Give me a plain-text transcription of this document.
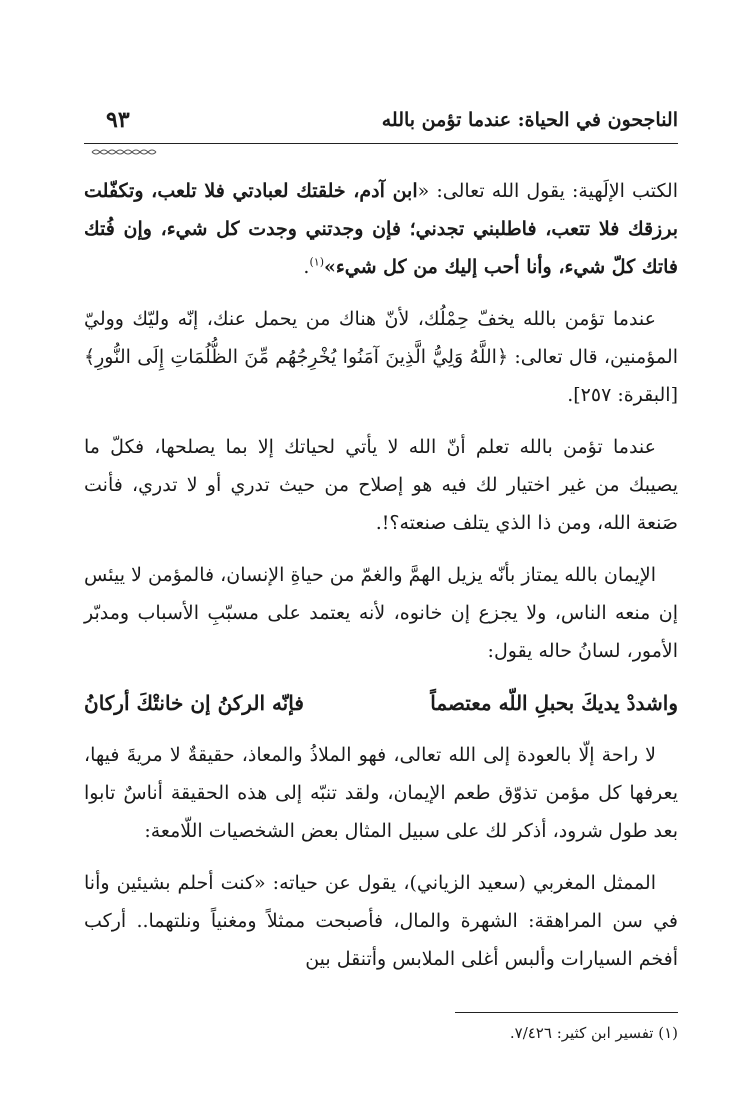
الناجحون في الحياة: عندما تؤمن بالله
٩٣

الكتب الإلَهية: يقول الله تعالى: «ابن آدم، خلقتك لعبادتي فلا تلعب، وتكفّلت برزقك فلا تتعب، فاطلبني تجدني؛ فإن وجدتني وجدت كل شيء، وإن فُتك فاتك كلّ شيء، وأنا أحب إليك من كل شيء»$^{(١)}$.

عندما تؤمن بالله يخفّ حِمْلُك، لأنّ هناك من يحمل عنك، إنّه وليّك ووليّ المؤمنين، قال تعالى: ﴿اللَّهُ وَلِيُّ الَّذِينَ آمَنُوا يُخْرِجُهُم مِّنَ الظُّلُمَاتِ إِلَى النُّورِ﴾ [البقرة: ٢٥٧].

عندما تؤمن بالله تعلم أنّ الله لا يأتي لحياتك إلا بما يصلحها، فكلّ ما يصيبك من غير اختيار لك فيه هو إصلاح من حيث تدري أو لا تدري، فأنت صَنعة الله، ومن ذا الذي يتلف صنعته؟!.

الإيمان بالله يمتاز بأنّه يزيل الهمَّ والغمّ من حياةِ الإنسان، فالمؤمن لا ييئس إن منعه الناس، ولا يجزع إن خانوه، لأنه يعتمد على مسبّبِ الأسباب ومدبّر الأمور، لسانُ حاله يقول:

واشددْ يديكَ بحبلِ اللّه معتصماً
فإنّه الركنُ إن خانتْكَ أركانُ

لا راحة إلّا بالعودة إلى الله تعالى، فهو الملاذُ والمعاذ، حقيقةٌ لا مريةَ فيها، يعرفها كل مؤمن تذوّق طعم الإيمان، ولقد تنبّه إلى هذه الحقيقة أناسٌ تابوا بعد طول شرود، أذكر لك على سبيل المثال بعض الشخصيات اللّامعة:

الممثل المغربي (سعيد الزياني)، يقول عن حياته: «كنت أحلم بشيئين وأنا في سن المراهقة: الشهرة والمال، فأصبحت ممثلاً ومغنياً ونلتهما.. أركب أفخم السيارات وألبس أغلى الملابس وأتنقل بين

(١) تفسير ابن كثير: ٧/٤٢٦.
